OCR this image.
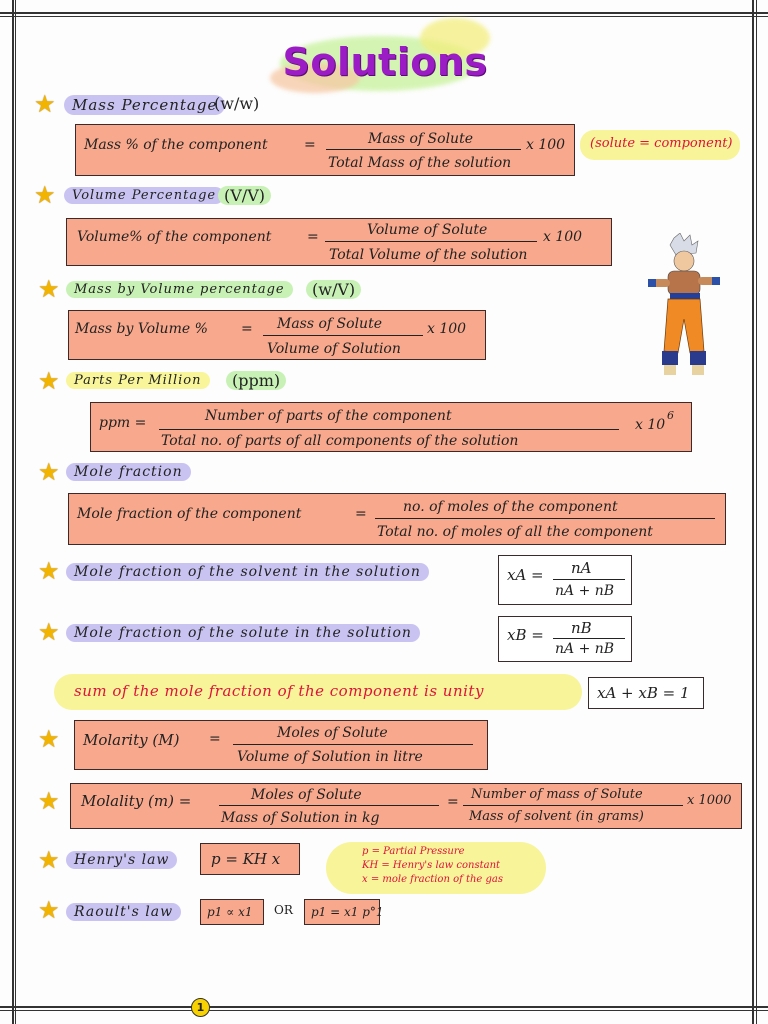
Solutions
★	Mass Percentage
(w/w)
Mass % of the component	=	Mass of Solute
Total Mass of the solution
x 100 (solute = component)
★	Volume Percentage (V/V)
Volume% of the component	=	Volume of Solute
Total Volume of the solution
x 100
★	Mass by Volume percentage	(w/V)
Mass by Volume % = Mass of Solute
Volume of Solution
x 100
★	Parts Per Million	(ppm)
ppm =	Number of parts of the component
Total no. of parts of all components of the solution
x 10
6
★	Mole fraction
Mole fraction of the component	=	no. of moles of the component
Total no. of moles of all the component
★	Mole fraction of the solvent in the solution	xA = nA
nA + nB
★	Mole fraction of the solute in the solution	xB = nB
nA + nB
sum of the mole fraction of the component is unity	xA + xB = 1
★ Molarity (M) =	Moles of Solute
Volume of Solution in litre
★ Molality (m) =	Moles of Solute
Mass of Solution in kg
= Number of mass of Solute
Mass of solvent (in grams)
x 1000
★	Henry's law	p = KH x	p = Partial Pressure
KH = Henry's law constant
x = mole fraction of the gas
★	Raoult's law	p1 ∝ x1 OR p1 = x1 p°1
1
